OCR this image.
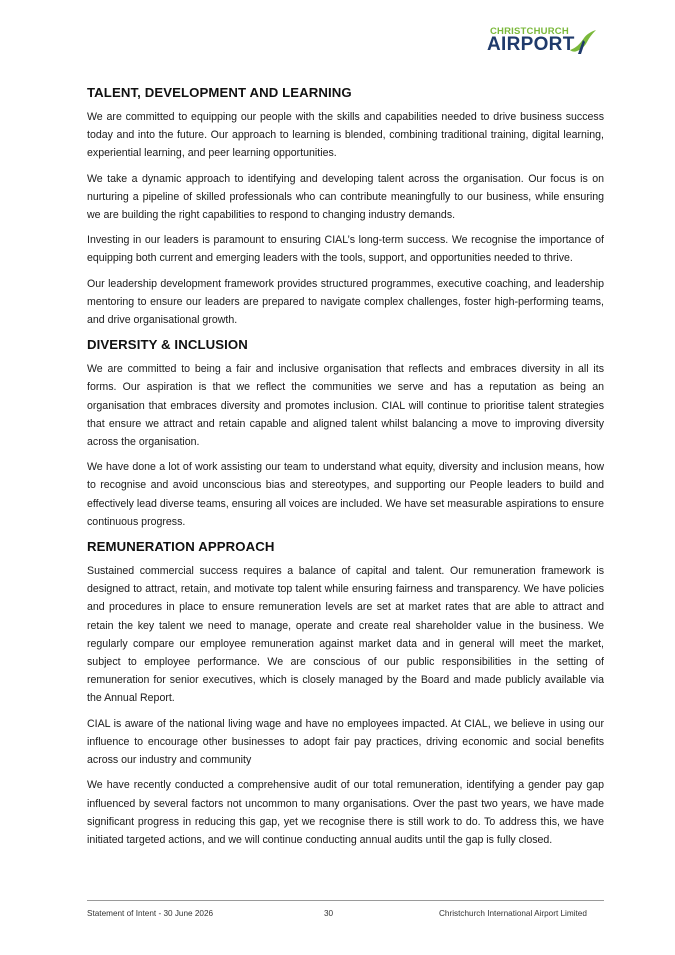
CHRISTCHURCH
AIRPORT
TALENT, DEVELOPMENT AND LEARNING

We are committed to equipping our people with the skills and capabilities needed to drive business success today and into the future. Our approach to learning is blended, combining traditional training, digital learning, experiential learning, and peer learning opportunities.

We take a dynamic approach to identifying and developing talent across the organisation. Our focus is on nurturing a pipeline of skilled professionals who can contribute meaningfully to our business, while ensuring we are building the right capabilities to respond to changing industry demands.

Investing in our leaders is paramount to ensuring CIAL’s long-term success. We recognise the importance of equipping both current and emerging leaders with the tools, support, and opportunities needed to thrive.

Our leadership development framework provides structured programmes, executive coaching, and leadership mentoring to ensure our leaders are prepared to navigate complex challenges, foster high-performing teams, and drive organisational growth.

DIVERSITY & INCLUSION

We are committed to being a fair and inclusive organisation that reflects and embraces diversity in all its forms. Our aspiration is that we reflect the communities we serve and has a reputation as being an organisation that embraces diversity and promotes inclusion. CIAL will continue to prioritise talent strategies that ensure we attract and retain capable and aligned talent whilst balancing a move to improving diversity across the organisation.

We have done a lot of work assisting our team to understand what equity, diversity and inclusion means, how to recognise and avoid unconscious bias and stereotypes, and supporting our People leaders to build and effectively lead diverse teams, ensuring all voices are included. We have set measurable aspirations to ensure continuous progress.

REMUNERATION APPROACH

Sustained commercial success requires a balance of capital and talent. Our remuneration framework is designed to attract, retain, and motivate top talent while ensuring fairness and transparency. We have policies and procedures in place to ensure remuneration levels are set at market rates that are able to attract and retain the key talent we need to manage, operate and create real shareholder value in the business. We regularly compare our employee remuneration against market data and in general will meet the market, subject to employee performance. We are conscious of our public responsibilities in the setting of remuneration for senior executives, which is closely managed by the Board and made publicly available via the Annual Report.

CIAL is aware of the national living wage and have no employees impacted. At CIAL, we believe in using our influence to encourage other businesses to adopt fair pay practices, driving economic and social benefits across our industry and community

We have recently conducted a comprehensive audit of our total remuneration, identifying a gender pay gap influenced by several factors not uncommon to many organisations. Over the past two years, we have made significant progress in reducing this gap, yet we recognise there is still work to do. To address this, we have initiated targeted actions, and we will continue conducting annual audits until the gap is fully closed.

Statement of Intent - 30 June 2026	30	Christchurch International Airport Limited
